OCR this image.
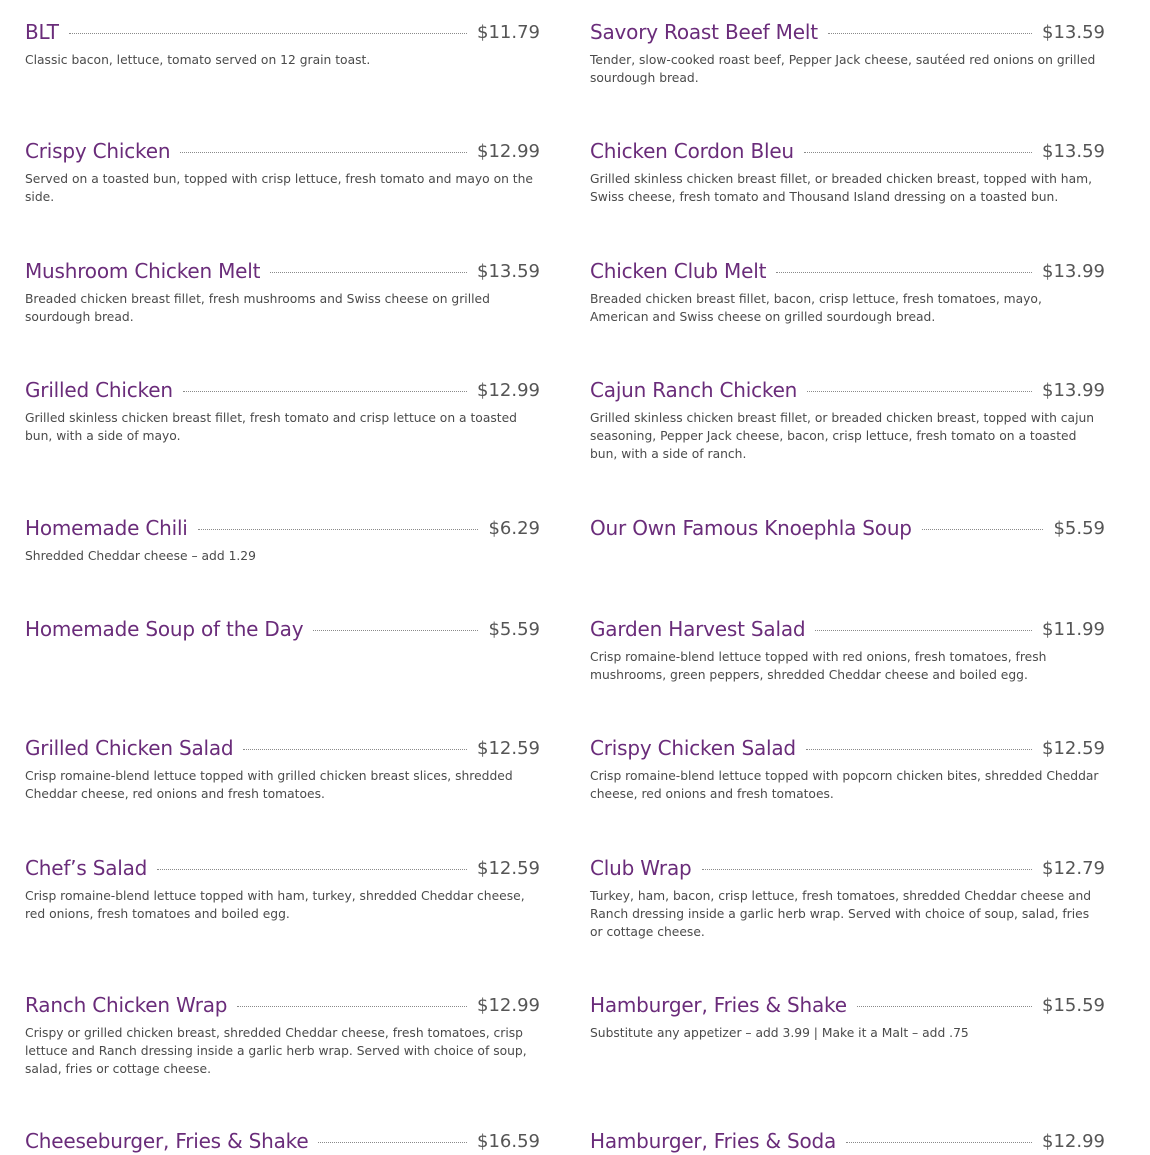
BLT	$11.79
Classic bacon, lettuce, tomato served on 12 grain toast.
Crispy Chicken	$12.99
Served on a toasted bun, topped with crisp lettuce, fresh tomato and mayo on the side.
Mushroom Chicken Melt	$13.59
Breaded chicken breast fillet, fresh mushrooms and Swiss cheese on grilled sourdough bread.
Grilled Chicken	$12.99
Grilled skinless chicken breast fillet, fresh tomato and crisp lettuce on a toasted bun, with a side of mayo.
Homemade Chili	$6.29
Shredded Cheddar cheese – add 1.29
Homemade Soup of the Day	$5.59
Grilled Chicken Salad	$12.59
Crisp romaine-blend lettuce topped with grilled chicken breast slices, shredded Cheddar cheese, red onions and fresh tomatoes.
Chef’s Salad	$12.59
Crisp romaine-blend lettuce topped with ham, turkey, shredded Cheddar cheese, red onions, fresh tomatoes and boiled egg.
Ranch Chicken Wrap	$12.99
Crispy or grilled chicken breast, shredded Cheddar cheese, fresh tomatoes, crisp lettuce and Ranch dressing inside a garlic herb wrap. Served with choice of soup, salad, fries or cottage cheese.
Cheeseburger, Fries & Shake	$16.59
Savory Roast Beef Melt	$13.59
Tender, slow-cooked roast beef, Pepper Jack cheese, sautéed red onions on grilled sourdough bread.
Chicken Cordon Bleu	$13.59
Grilled skinless chicken breast fillet, or breaded chicken breast, topped with ham, Swiss cheese, fresh tomato and Thousand Island dressing on a toasted bun.
Chicken Club Melt	$13.99
Breaded chicken breast fillet, bacon, crisp lettuce, fresh tomatoes, mayo, American and Swiss cheese on grilled sourdough bread.
Cajun Ranch Chicken	$13.99
Grilled skinless chicken breast fillet, or breaded chicken breast, topped with cajun seasoning, Pepper Jack cheese, bacon, crisp lettuce, fresh tomato on a toasted bun, with a side of ranch.
Our Own Famous Knoephla Soup	$5.59
Garden Harvest Salad	$11.99
Crisp romaine-blend lettuce topped with red onions, fresh tomatoes, fresh mushrooms, green peppers, shredded Cheddar cheese and boiled egg.
Crispy Chicken Salad	$12.59
Crisp romaine-blend lettuce topped with popcorn chicken bites, shredded Cheddar cheese, red onions and fresh tomatoes.
Club Wrap	$12.79
Turkey, ham, bacon, crisp lettuce, fresh tomatoes, shredded Cheddar cheese and Ranch dressing inside a garlic herb wrap. Served with choice of soup, salad, fries or cottage cheese.
Hamburger, Fries & Shake	$15.59
Substitute any appetizer – add 3.99 | Make it a Malt – add .75
Hamburger, Fries & Soda	$12.99
